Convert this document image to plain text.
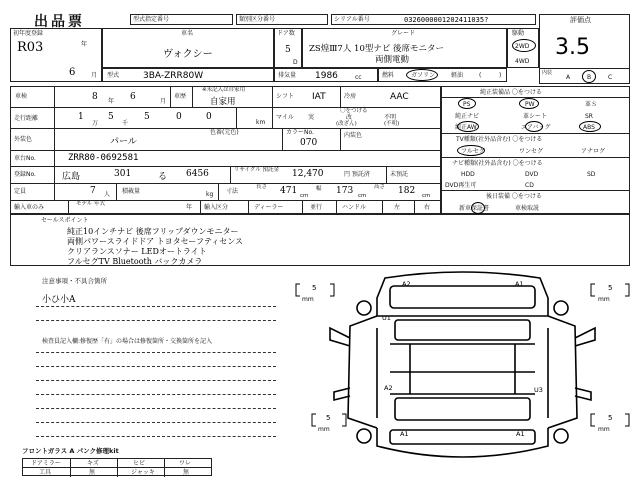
出品票	型式指定番号	類別区分番号	シリアル番号	0326000001202411035?	評価点
3.5
初年度登録
R03	年
6	月
車名
ヴォクシー
ドア数
5
D
グレード
ZS煌Ⅲ7人 10型ナビ 後席モニター
両側電動
駆動
2WD
4WD
型式	3BA-ZRR80W	排気量 1986	cc	燃料	ガソリン	軽油	(	)	内装
A	B	C
車検	8 年 6	月
車歴
※未記入は自家用
自家用
シフト IAT	冷房	AAC
走行距離	1
万
5
千
5	0	0
km
マイル
〇をつける
実	改
(改ざん)
不明
(不明)
外装色	パール
色番(元色)	カラーNo.
070
内装色
車台No.	ZRR80-0692581
登録No.	広島	301	る 6456	リサイクル 預託金 12,470	円 預託済	未預託
定員	7 人 積載量	kg 寸法
長さ 471 cm
幅 173 cm
高さ 182 cm
輸入車のみ	モデル 年式	年 輸入区分	ディーラー	並行	ハンドル	左	右
純正装備品 〇をつける
PS	PW	革Ｓ
純正ナビ	革シート	SR
純正AW	エアバッグ	ABS
TV種類(社外品含む) 〇をつける
フルセグ	ワンセグ	アナログ
ナビ種類(社外品含む) 〇をつける
HDD	DVD	SD
DVD再生可	CD
後日装備 〇をつける
新車保証書	車検取説
セールスポイント
純正10インチナビ 後席フリップダウンモニター
両側パワースライドドア トヨタセーフティセンス
クリアランスソナー LEDオートライト
フルセグTV Bluetooth バックカメラ
注意事項・不具合箇所
小ひ小A
検査員記入欄:修復歴「有」の場合は修復箇所・交換箇所を記入
フロントガラス A パンク修理kit
ドアミラー	キズ	ヒビ	ワレ
工具	無	ジャッキ	無
5
mm
5
mm
5
mm
5
mm
A2	A1
U1
A2	U3
A1	A1
